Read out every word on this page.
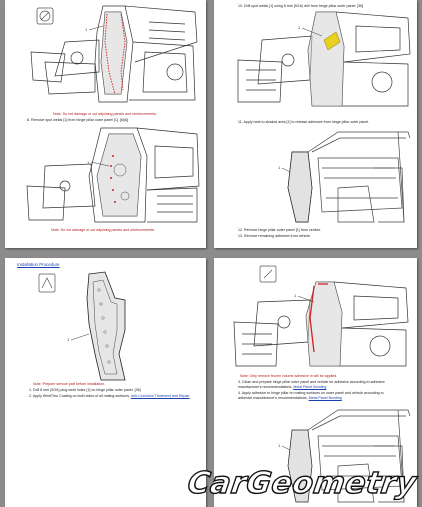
1
Note: Do not damage or cut adjoining panels and reinforcements.
8. Remove spot welds [1] from hinge pillar outer panel [1]. [6(6)]
1
Note: Do not damage or cut adjoining panels and reinforcements.
10. Drill spot welds [1] using 8 mm (5/16) drill from hinge pillar outer panel. [36]
1
11. Apply heat to shaded area [1] to release adhesive from hinge pillar outer panel.
1
12. Remove hinge pillar outer panel [1] from vehicle.
13. Remove remaining adhesive from vehicle.
Installation Procedure
1
Note: Prepare service part before installation.
1. Drill 8 mm (5/16) plug weld holes [1] on hinge pillar outer panel. [36]
2. Apply WeldThru Coating on both sides of all mating surfaces. Anti-Corrosion Treatment and Repair
1
Note: Only remove frozen volume adhesive in will be applied.
3. Clean and prepare hinge pillar outer panel and vehicle for adhesive according to adhesive
manufacturer's recommendations. Metal Panel Bonding
4. Apply adhesive to hinge pillar on mating surfaces on outer panel and vehicle according to
adhesive manufacturer's recommendations. Metal Panel Bonding
1
CarGeometry
